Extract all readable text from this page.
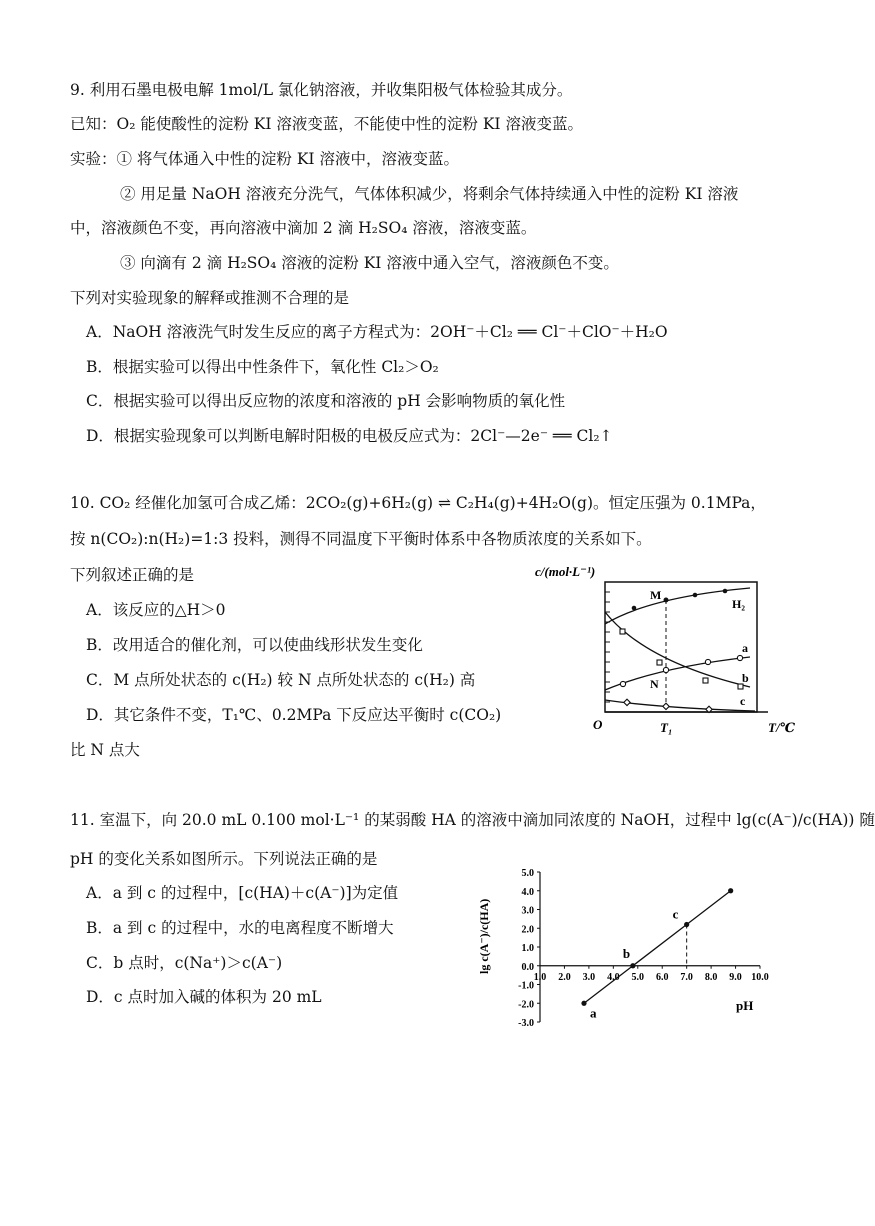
9. 利用石墨电极电解 1mol/L 氯化钠溶液，并收集阳极气体检验其成分。
已知：O₂ 能使酸性的淀粉 KI 溶液变蓝，不能使中性的淀粉 KI 溶液变蓝。
实验：① 将气体通入中性的淀粉 KI 溶液中，溶液变蓝。
② 用足量 NaOH 溶液充分洗气，气体体积减少，将剩余气体持续通入中性的淀粉 KI 溶液
中，溶液颜色不变，再向溶液中滴加 2 滴 H₂SO₄ 溶液，溶液变蓝。
③ 向滴有 2 滴 H₂SO₄ 溶液的淀粉 KI 溶液中通入空气，溶液颜色不变。
下列对实验现象的解释或推测不合理的是
A．NaOH 溶液洗气时发生反应的离子方程式为：2OH⁻＋Cl₂ ══ Cl⁻＋ClO⁻＋H₂O
B．根据实验可以得出中性条件下，氧化性 Cl₂＞O₂
C．根据实验可以得出反应物的浓度和溶液的 pH 会影响物质的氧化性
D．根据实验现象可以判断电解时阳极的电极反应式为：2Cl⁻—2e⁻ ══ Cl₂↑
10. CO₂ 经催化加氢可合成乙烯：2CO₂(g)+6H₂(g) ⇌ C₂H₄(g)+4H₂O(g)。恒定压强为 0.1MPa，
按 n(CO₂):n(H₂)=1:3 投料，测得不同温度下平衡时体系中各物质浓度的关系如下。
下列叙述正确的是
A．该反应的△H＞0
B．改用适合的催化剂，可以使曲线形状发生变化
C．M 点所处状态的 c(H₂) 较 N 点所处状态的 c(H₂) 高
D．其它条件不变，T₁℃、0.2MPa 下反应达平衡时 c(CO₂)
比 N 点大
c/(mol·L⁻¹)
M
H₂
a
N	b
c
O	T₁	T/℃
11. 室温下，向 20.0 mL 0.100 mol·L⁻¹ 的某弱酸 HA 的溶液中滴加同浓度的 NaOH，过程中 lg(c(A⁻)/c(HA)) 随
pH 的变化关系如图所示。下列说法正确的是
A．a 到 c 的过程中，[c(HA)＋c(A⁻)]为定值
B．a 到 c 的过程中，水的电离程度不断增大
C．b 点时，c(Na⁺)＞c(A⁻)
D．c 点时加入碱的体积为 20 mL
5.0
4.0
3.0
2.0
1.0
0.0
-1.0
-2.0
-3.0
1.0 2.0 3.0 4.0 5.0 6.0 7.0 8.0 9.0 10.0
a
b
c
lg c(A⁻)/c(HA)
pH
